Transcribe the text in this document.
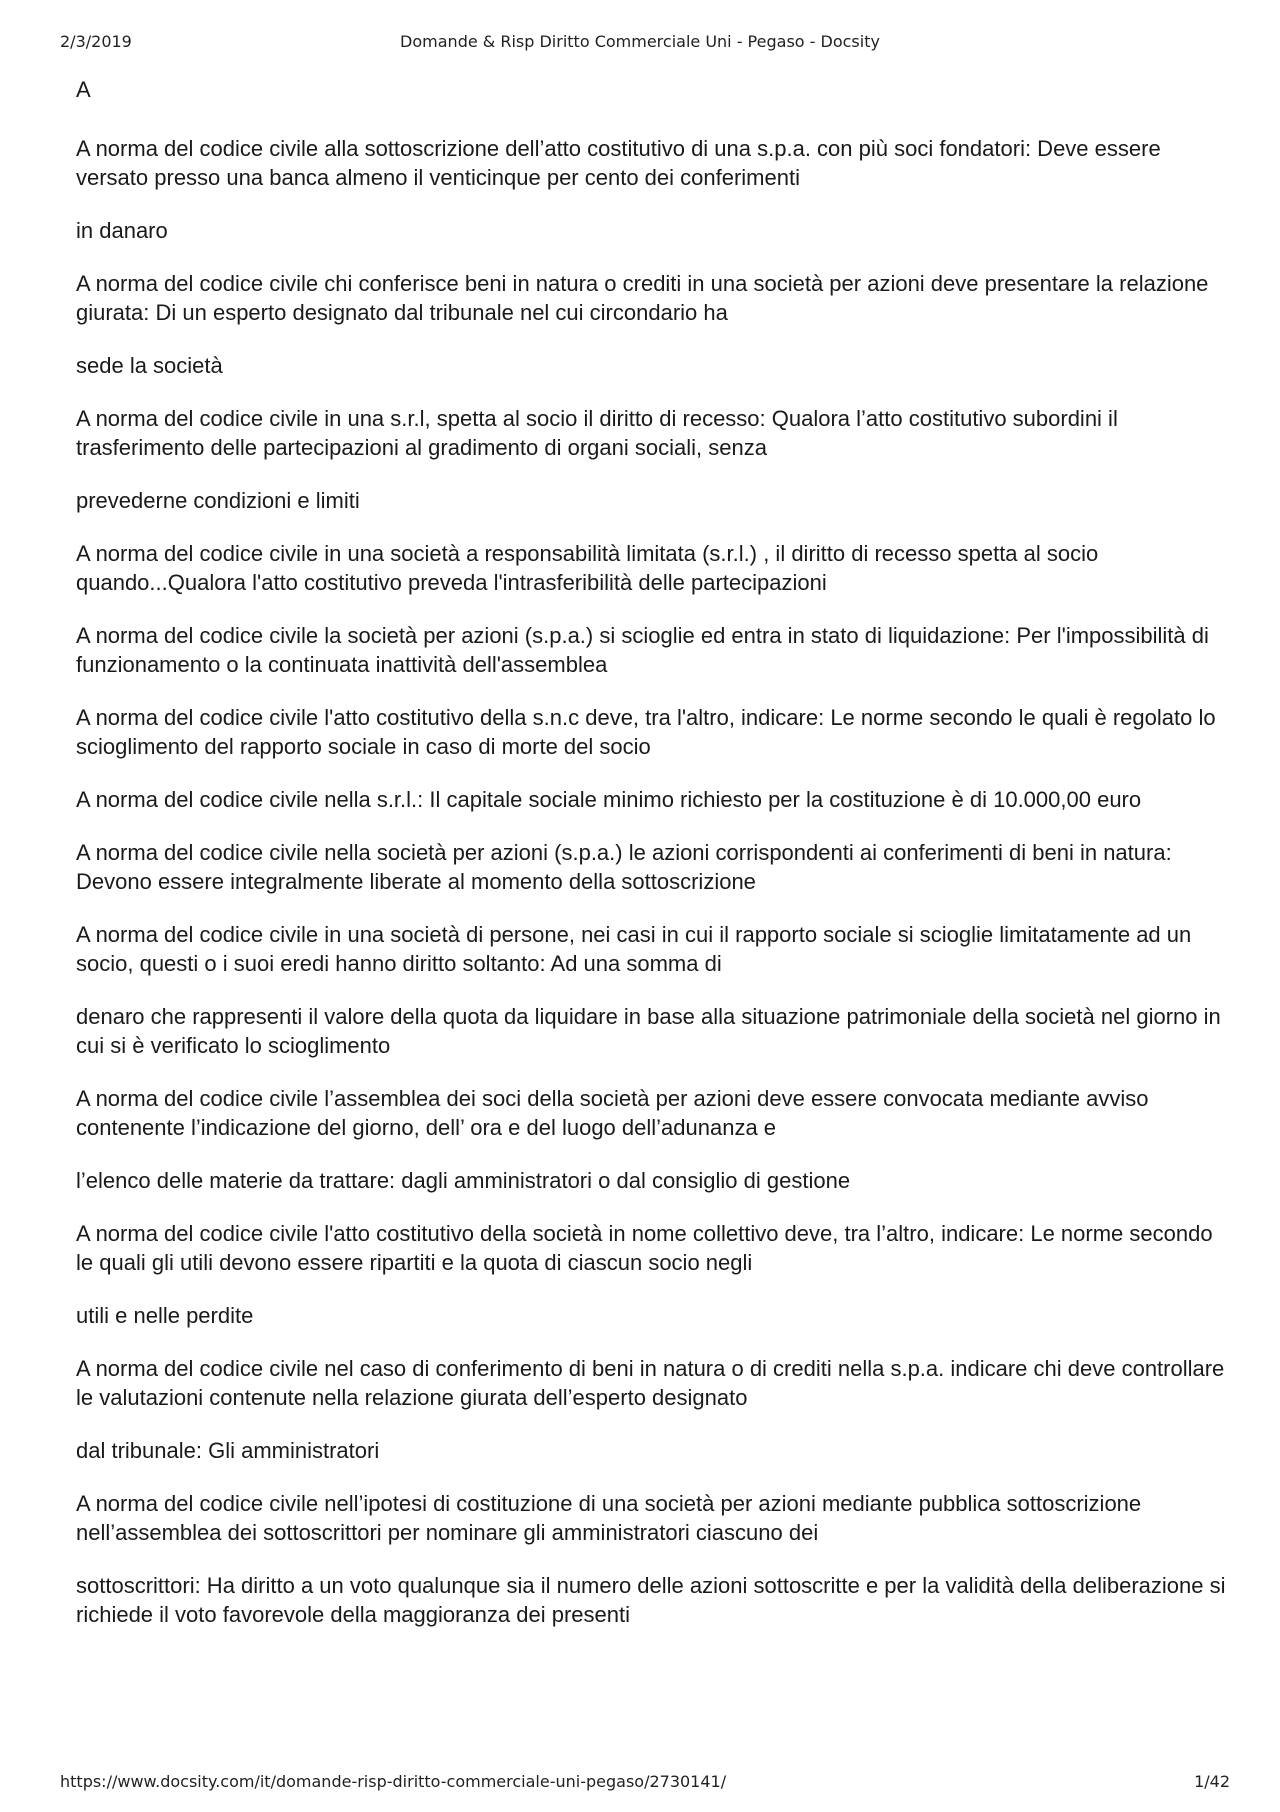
2/3/2019	Domande & Risp Diritto Commerciale Uni - Pegaso - Docsity

A

A norma del codice civile alla sottoscrizione dell’atto costitutivo di una s.p.a. con più soci fondatori: Deve essere versato presso una banca almeno il venticinque per cento dei conferimenti

in danaro

A norma del codice civile chi conferisce beni in natura o crediti in una società per azioni deve presentare la relazione giurata: Di un esperto designato dal tribunale nel cui circondario ha

sede la società

A norma del codice civile in una s.r.l, spetta al socio il diritto di recesso: Qualora l’atto costitutivo subordini il trasferimento delle partecipazioni al gradimento di organi sociali, senza

prevederne condizioni e limiti

A norma del codice civile in una società a responsabilità limitata (s.r.l.) , il diritto di recesso spetta al socio quando...Qualora l'atto costitutivo preveda l'intrasferibilità delle partecipazioni

A norma del codice civile la società per azioni (s.p.a.) si scioglie ed entra in stato di liquidazione: Per l'impossibilità di funzionamento o la continuata inattività dell'assemblea

A norma del codice civile l'atto costitutivo della s.n.c deve, tra l'altro, indicare: Le norme secondo le quali è regolato lo scioglimento del rapporto sociale in caso di morte del socio

A norma del codice civile nella s.r.l.: Il capitale sociale minimo richiesto per la costituzione è di 10.000,00 euro

A norma del codice civile nella società per azioni (s.p.a.) le azioni corrispondenti ai conferimenti di beni in natura: Devono essere integralmente liberate al momento della sottoscrizione

A norma del codice civile in una società di persone, nei casi in cui il rapporto sociale si scioglie limitatamente ad un socio, questi o i suoi eredi hanno diritto soltanto: Ad una somma di

denaro che rappresenti il valore della quota da liquidare in base alla situazione patrimoniale della società nel giorno in cui si è verificato lo scioglimento

A norma del codice civile l’assemblea dei soci della società per azioni deve essere convocata mediante avviso contenente l’indicazione del giorno, dell’ ora e del luogo dell’adunanza e

l’elenco delle materie da trattare: dagli amministratori o dal consiglio di gestione

A norma del codice civile l'atto costitutivo della società in nome collettivo deve, tra l’altro, indicare: Le norme secondo le quali gli utili devono essere ripartiti e la quota di ciascun socio negli

utili e nelle perdite

A norma del codice civile nel caso di conferimento di beni in natura o di crediti nella s.p.a. indicare chi deve controllare le valutazioni contenute nella relazione giurata dell’esperto designato

dal tribunale: Gli amministratori

A norma del codice civile nell’ipotesi di costituzione di una società per azioni mediante pubblica sottoscrizione nell’assemblea dei sottoscrittori per nominare gli amministratori ciascuno dei

sottoscrittori: Ha diritto a un voto qualunque sia il numero delle azioni sottoscritte e per la validità della deliberazione si richiede il voto favorevole della maggioranza dei presenti

https://www.docsity.com/it/domande-risp-diritto-commerciale-uni-pegaso/2730141/	1/42
